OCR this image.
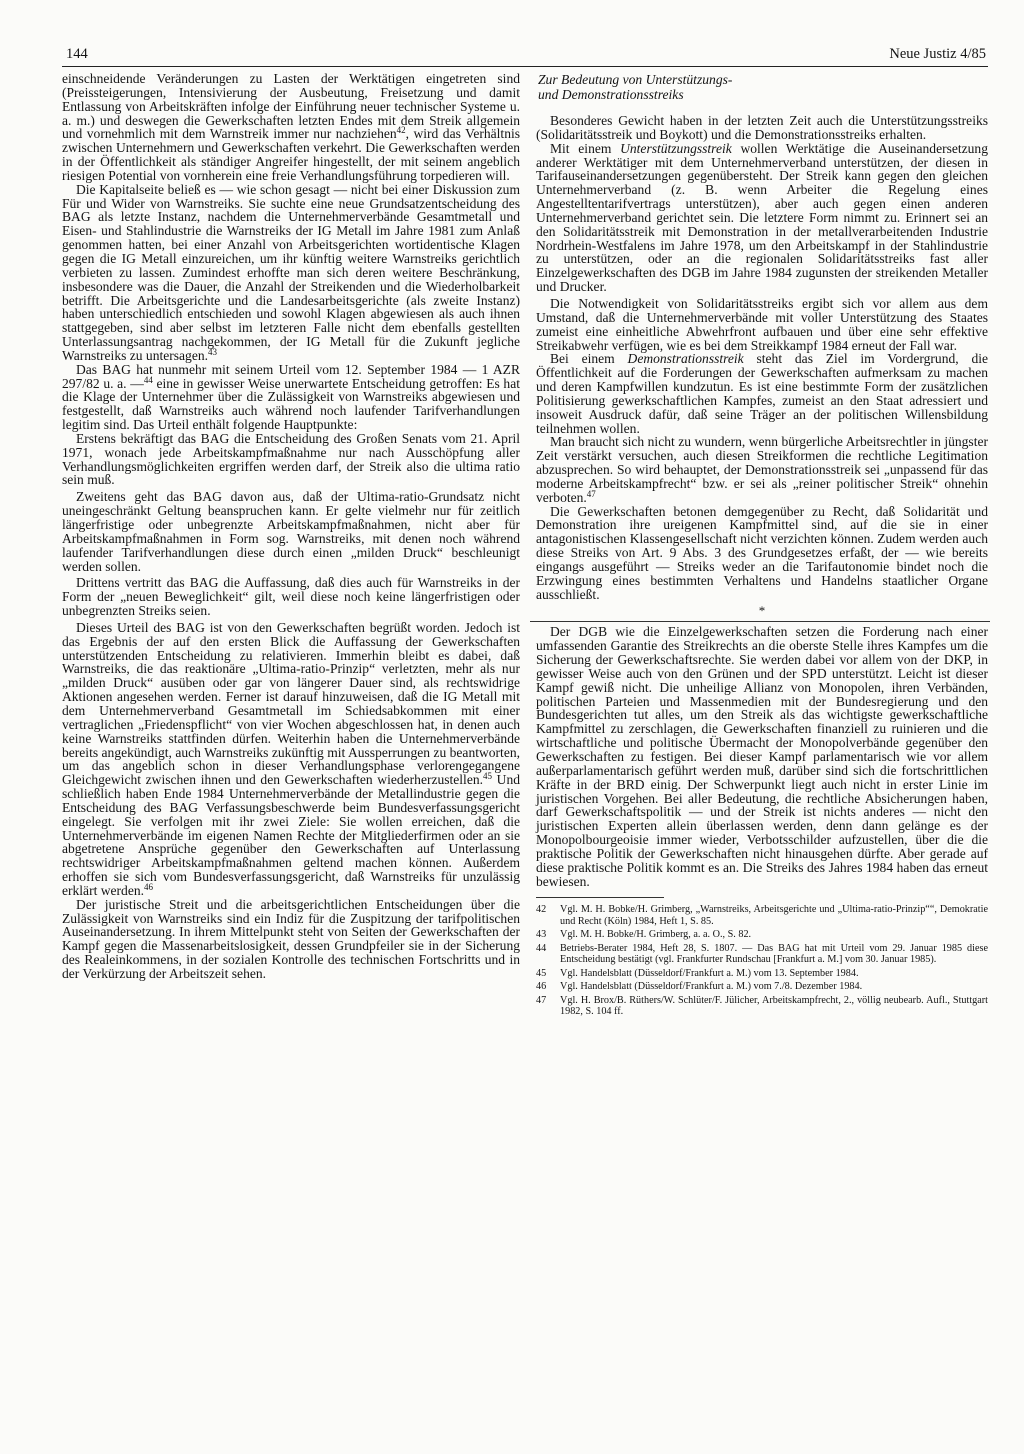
144	Neue Justiz 4/85

einschneidende Veränderungen zu Lasten der Werktätigen eingetreten sind (Preissteigerungen, Intensivierung der Ausbeutung, Freisetzung und damit Entlassung von Arbeitskräften infolge der Einführung neuer technischer Systeme u. a. m.) und deswegen die Gewerkschaften letzten Endes mit dem Streik allgemein und vornehmlich mit dem Warnstreik immer nur nachziehen$^{42}$, wird das Verhältnis zwischen Unternehmern und Gewerkschaften verkehrt. Die Gewerkschaften werden in der Öffentlichkeit als ständiger Angreifer hingestellt, der mit seinem angeblich riesigen Potential von vornherein eine freie Verhandlungsführung torpedieren will.

Die Kapitalseite beließ es — wie schon gesagt — nicht bei einer Diskussion zum Für und Wider von Warnstreiks. Sie suchte eine neue Grundsatzentscheidung des BAG als letzte Instanz, nachdem die Unternehmerverbände Gesamtmetall und Eisen- und Stahlindustrie die Warnstreiks der IG Metall im Jahre 1981 zum Anlaß genommen hatten, bei einer Anzahl von Arbeitsgerichten wortidentische Klagen gegen die IG Metall einzureichen, um ihr künftig weitere Warnstreiks gerichtlich verbieten zu lassen. Zumindest erhoffte man sich deren weitere Beschränkung, insbesondere was die Dauer, die Anzahl der Streikenden und die Wiederholbarkeit betrifft. Die Arbeitsgerichte und die Landesarbeitsgerichte (als zweite Instanz) haben unterschiedlich entschieden und sowohl Klagen abgewiesen als auch ihnen stattgegeben, sind aber selbst im letzteren Falle nicht dem ebenfalls gestellten Unterlassungsantrag nachgekommen, der IG Metall für die Zukunft jegliche Warnstreiks zu untersagen.$^{43}$

Das BAG hat nunmehr mit seinem Urteil vom 12. September 1984 — 1 AZR 297/82 u. a. —$^{44}$ eine in gewisser Weise unerwartete Entscheidung getroffen: Es hat die Klage der Unternehmer über die Zulässigkeit von Warnstreiks abgewiesen und festgestellt, daß Warnstreiks auch während noch laufender Tarifverhandlungen legitim sind. Das Urteil enthält folgende Hauptpunkte:

Erstens bekräftigt das BAG die Entscheidung des Großen Senats vom 21. April 1971, wonach jede Arbeitskampfmaßnahme nur nach Ausschöpfung aller Verhandlungsmöglichkeiten ergriffen werden darf, der Streik also die ultima ratio sein muß.

Zweitens geht das BAG davon aus, daß der Ultima-ratio-Grundsatz nicht uneingeschränkt Geltung beanspruchen kann. Er gelte vielmehr nur für zeitlich längerfristige oder unbegrenzte Arbeitskampfmaßnahmen, nicht aber für Arbeitskampfmaßnahmen in Form sog. Warnstreiks, mit denen noch während laufender Tarifverhandlungen diese durch einen „milden Druck“ beschleunigt werden sollen.

Drittens vertritt das BAG die Auffassung, daß dies auch für Warnstreiks in der Form der „neuen Beweglichkeit“ gilt, weil diese noch keine längerfristigen oder unbegrenzten Streiks seien.

Dieses Urteil des BAG ist von den Gewerkschaften begrüßt worden. Jedoch ist das Ergebnis der auf den ersten Blick die Auffassung der Gewerkschaften unterstützenden Entscheidung zu relativieren. Immerhin bleibt es dabei, daß Warnstreiks, die das reaktionäre „Ultima-ratio-Prinzip“ verletzten, mehr als nur „milden Druck“ ausüben oder gar von längerer Dauer sind, als rechtswidrige Aktionen angesehen werden. Ferner ist darauf hinzuweisen, daß die IG Metall mit dem Unternehmerverband Gesamtmetall im Schiedsabkommen mit einer vertraglichen „Friedenspflicht“ von vier Wochen abgeschlossen hat, in denen auch keine Warnstreiks stattfinden dürfen. Weiterhin haben die Unternehmerverbände bereits angekündigt, auch Warnstreiks zukünftig mit Aussperrungen zu beantworten, um das angeblich schon in dieser Verhandlungsphase verlorengegangene Gleichgewicht zwischen ihnen und den Gewerkschaften wiederherzustellen.$^{45}$ Und schließlich haben Ende 1984 Unternehmerverbände der Metallindustrie gegen die Entscheidung des BAG Verfassungsbeschwerde beim Bundesverfassungsgericht eingelegt. Sie verfolgen mit ihr zwei Ziele: Sie wollen erreichen, daß die Unternehmerverbände im eigenen Namen Rechte der Mitgliederfirmen oder an sie abgetretene Ansprüche gegenüber den Gewerkschaften auf Unterlassung rechtswidriger Arbeitskampfmaßnahmen geltend machen können. Außerdem erhoffen sie sich vom Bundesverfassungsgericht, daß Warnstreiks für unzulässig erklärt werden.$^{46}$

Der juristische Streit und die arbeitsgerichtlichen Entscheidungen über die Zulässigkeit von Warnstreiks sind ein Indiz für die Zuspitzung der tarifpolitischen Auseinandersetzung. In ihrem Mittelpunkt steht von Seiten der Gewerkschaften der Kampf gegen die Massenarbeitslosigkeit, dessen Grundpfeiler sie in der Sicherung des Realeinkommens, in der sozialen Kontrolle des technischen Fortschritts und in der Verkürzung der Arbeitszeit sehen.

Zur Bedeutung von Unterstützungs-
und Demonstrationsstreiks

Besonderes Gewicht haben in der letzten Zeit auch die Unterstützungsstreiks (Solidaritätsstreik und Boykott) und die Demonstrationsstreiks erhalten.

Mit einem Unterstützungsstreik wollen Werktätige die Auseinandersetzung anderer Werktätiger mit dem Unternehmerverband unterstützen, der diesen in Tarifauseinandersetzungen gegenübersteht. Der Streik kann gegen den gleichen Unternehmerverband (z. B. wenn Arbeiter die Regelung eines Angestelltentarifvertrags unterstützen), aber auch gegen einen anderen Unternehmerverband gerichtet sein. Die letztere Form nimmt zu. Erinnert sei an den Solidaritätsstreik mit Demonstration in der metallverarbeitenden Industrie Nordrhein-Westfalens im Jahre 1978, um den Arbeitskampf in der Stahlindustrie zu unterstützen, oder an die regionalen Solidaritätsstreiks fast aller Einzelgewerkschaften des DGB im Jahre 1984 zugunsten der streikenden Metaller und Drucker.

Die Notwendigkeit von Solidaritätsstreiks ergibt sich vor allem aus dem Umstand, daß die Unternehmerverbände mit voller Unterstützung des Staates zumeist eine einheitliche Abwehrfront aufbauen und über eine sehr effektive Streikabwehr verfügen, wie es bei dem Streikkampf 1984 erneut der Fall war.

Bei einem Demonstrationsstreik steht das Ziel im Vordergrund, die Öffentlichkeit auf die Forderungen der Gewerkschaften aufmerksam zu machen und deren Kampfwillen kundzutun. Es ist eine bestimmte Form der zusätzlichen Politisierung gewerkschaftlichen Kampfes, zumeist an den Staat adressiert und insoweit Ausdruck dafür, daß seine Träger an der politischen Willensbildung teilnehmen wollen.

Man braucht sich nicht zu wundern, wenn bürgerliche Arbeitsrechtler in jüngster Zeit verstärkt versuchen, auch diesen Streikformen die rechtliche Legitimation abzusprechen. So wird behauptet, der Demonstrationsstreik sei „unpassend für das moderne Arbeitskampfrecht“ bzw. er sei als „reiner politischer Streik“ ohnehin verboten.$^{47}$

Die Gewerkschaften betonen demgegenüber zu Recht, daß Solidarität und Demonstration ihre ureigenen Kampfmittel sind, auf die sie in einer antagonistischen Klassengesellschaft nicht verzichten können. Zudem werden auch diese Streiks von Art. 9 Abs. 3 des Grundgesetzes erfaßt, der — wie bereits eingangs ausgeführt — Streiks weder an die Tarifautonomie bindet noch die Erzwingung eines bestimmten Verhaltens und Handelns staatlicher Organe ausschließt.

*

Der DGB wie die Einzelgewerkschaften setzen die Forderung nach einer umfassenden Garantie des Streikrechts an die oberste Stelle ihres Kampfes um die Sicherung der Gewerkschaftsrechte. Sie werden dabei vor allem von der DKP, in gewisser Weise auch von den Grünen und der SPD unterstützt. Leicht ist dieser Kampf gewiß nicht. Die unheilige Allianz von Monopolen, ihren Verbänden, politischen Parteien und Massenmedien mit der Bundesregierung und den Bundesgerichten tut alles, um den Streik als das wichtigste gewerkschaftliche Kampfmittel zu zerschlagen, die Gewerkschaften finanziell zu ruinieren und die wirtschaftliche und politische Übermacht der Monopolverbände gegenüber den Gewerkschaften zu festigen. Bei dieser Kampf parlamentarisch wie vor allem außerparlamentarisch geführt werden muß, darüber sind sich die fortschrittlichen Kräfte in der BRD einig. Der Schwerpunkt liegt auch nicht in erster Linie im juristischen Vorgehen. Bei aller Bedeutung, die rechtliche Absicherungen haben, darf Gewerkschaftspolitik — und der Streik ist nichts anderes — nicht den juristischen Experten allein überlassen werden, denn dann gelänge es der Monopolbourgeoisie immer wieder, Verbotsschilder aufzustellen, über die die praktische Politik der Gewerkschaften nicht hinausgehen dürfte. Aber gerade auf diese praktische Politik kommt es an. Die Streiks des Jahres 1984 haben das erneut bewiesen.

42	Vgl. M. H. Bobke/H. Grimberg, „Warnstreiks, Arbeitsgerichte und „Ultima-ratio-Prinzip““, Demokratie und Recht (Köln) 1984, Heft 1, S. 85.
43	Vgl. M. H. Bobke/H. Grimberg, a. a. O., S. 82.
44	Betriebs-Berater 1984, Heft 28, S. 1807. — Das BAG hat mit Urteil vom 29. Januar 1985 diese Entscheidung bestätigt (vgl. Frankfurter Rundschau [Frankfurt a. M.] vom 30. Januar 1985).
45	Vgl. Handelsblatt (Düsseldorf/Frankfurt a. M.) vom 13. September 1984.
46	Vgl. Handelsblatt (Düsseldorf/Frankfurt a. M.) vom 7./8. Dezember 1984.
47	Vgl. H. Brox/B. Rüthers/W. Schlüter/F. Jülicher, Arbeitskampfrecht, 2., völlig neubearb. Aufl., Stuttgart 1982, S. 104 ff.
